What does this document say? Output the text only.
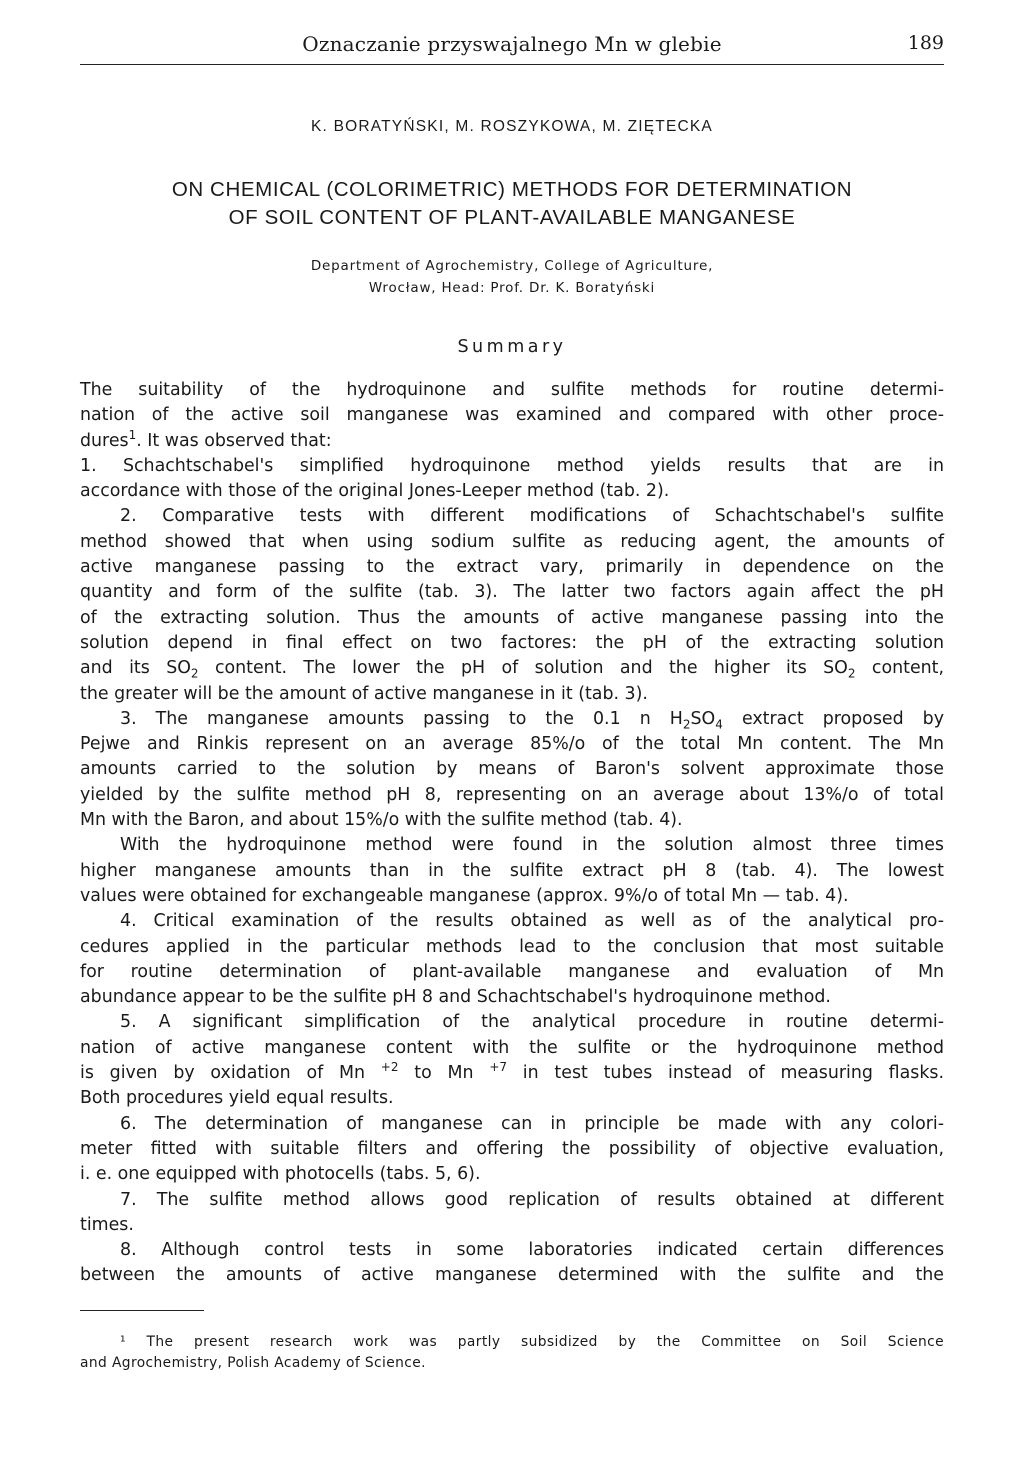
Oznaczanie przyswajalnego Mn w glebie	189
K. BORATYŃSKI, M. ROSZYKOWA, M. ZIĘTECKA
ON CHEMICAL (COLORIMETRIC) METHODS FOR DETERMINATION
OF SOIL CONTENT OF PLANT-AVAILABLE MANGANESE
Department of Agrochemistry, College of Agriculture,
Wrocław, Head: Prof. Dr. K. Boratyński
Summary
The suitability of the hydroquinone and sulfite methods for routine determi-
nation of the active soil manganese was examined and compared with other proce-
dures$^1$. It was observed that:
1. Schachtschabel's simplified hydroquinone method yields results that are in
accordance with those of the original Jones-Leeper method (tab. 2).
2. Comparative tests with different modifications of Schachtschabel's sulfite
method showed that when using sodium sulfite as reducing agent, the amounts of
active manganese passing to the extract vary, primarily in dependence on the
quantity and form of the sulfite (tab. 3). The latter two factors again affect the pH
of the extracting solution. Thus the amounts of active manganese passing into the
solution depend in final effect on two factores: the pH of the extracting solution
and its $SO_2$ content. The lower the pH of solution and the higher its $SO_2$ content,
the greater will be the amount of active manganese in it (tab. 3).
3. The manganese amounts passing to the 0.1 n $H_2SO_4$ extract proposed by
Pejwe and Rinkis represent on an average 85%/o of the total Mn content. The Mn
amounts carried to the solution by means of Baron's solvent approximate those
yielded by the sulfite method pH 8, representing on an average about 13%/o of total
Mn with the Baron, and about 15%/o with the sulfite method (tab. 4).
With the hydroquinone method were found in the solution almost three times
higher manganese amounts than in the sulfite extract pH 8 (tab. 4). The lowest
values were obtained for exchangeable manganese (approx. 9%/o of total Mn — tab. 4).
4. Critical examination of the results obtained as well as of the analytical pro-
cedures applied in the particular methods lead to the conclusion that most suitable
for routine determination of plant-available manganese and evaluation of Mn
abundance appear to be the sulfite pH 8 and Schachtschabel's hydroquinone method.
5. A significant simplification of the analytical procedure in routine determi-
nation of active manganese content with the sulfite or the hydroquinone method
is given by oxidation of Mn $^{+2}$ to Mn $^{+7}$ in test tubes instead of measuring flasks.
Both procedures yield equal results.
6. The determination of manganese can in principle be made with any colori-
meter fitted with suitable filters and offering the possibility of objective evaluation,
i. e. one equipped with photocells (tabs. 5, 6).
7. The sulfite method allows good replication of results obtained at different
times.
8. Although control tests in some laboratories indicated certain differences
between the amounts of active manganese determined with the sulfite and the
¹ The present research work was partly subsidized by the Committee on Soil Science
and Agrochemistry, Polish Academy of Science.
